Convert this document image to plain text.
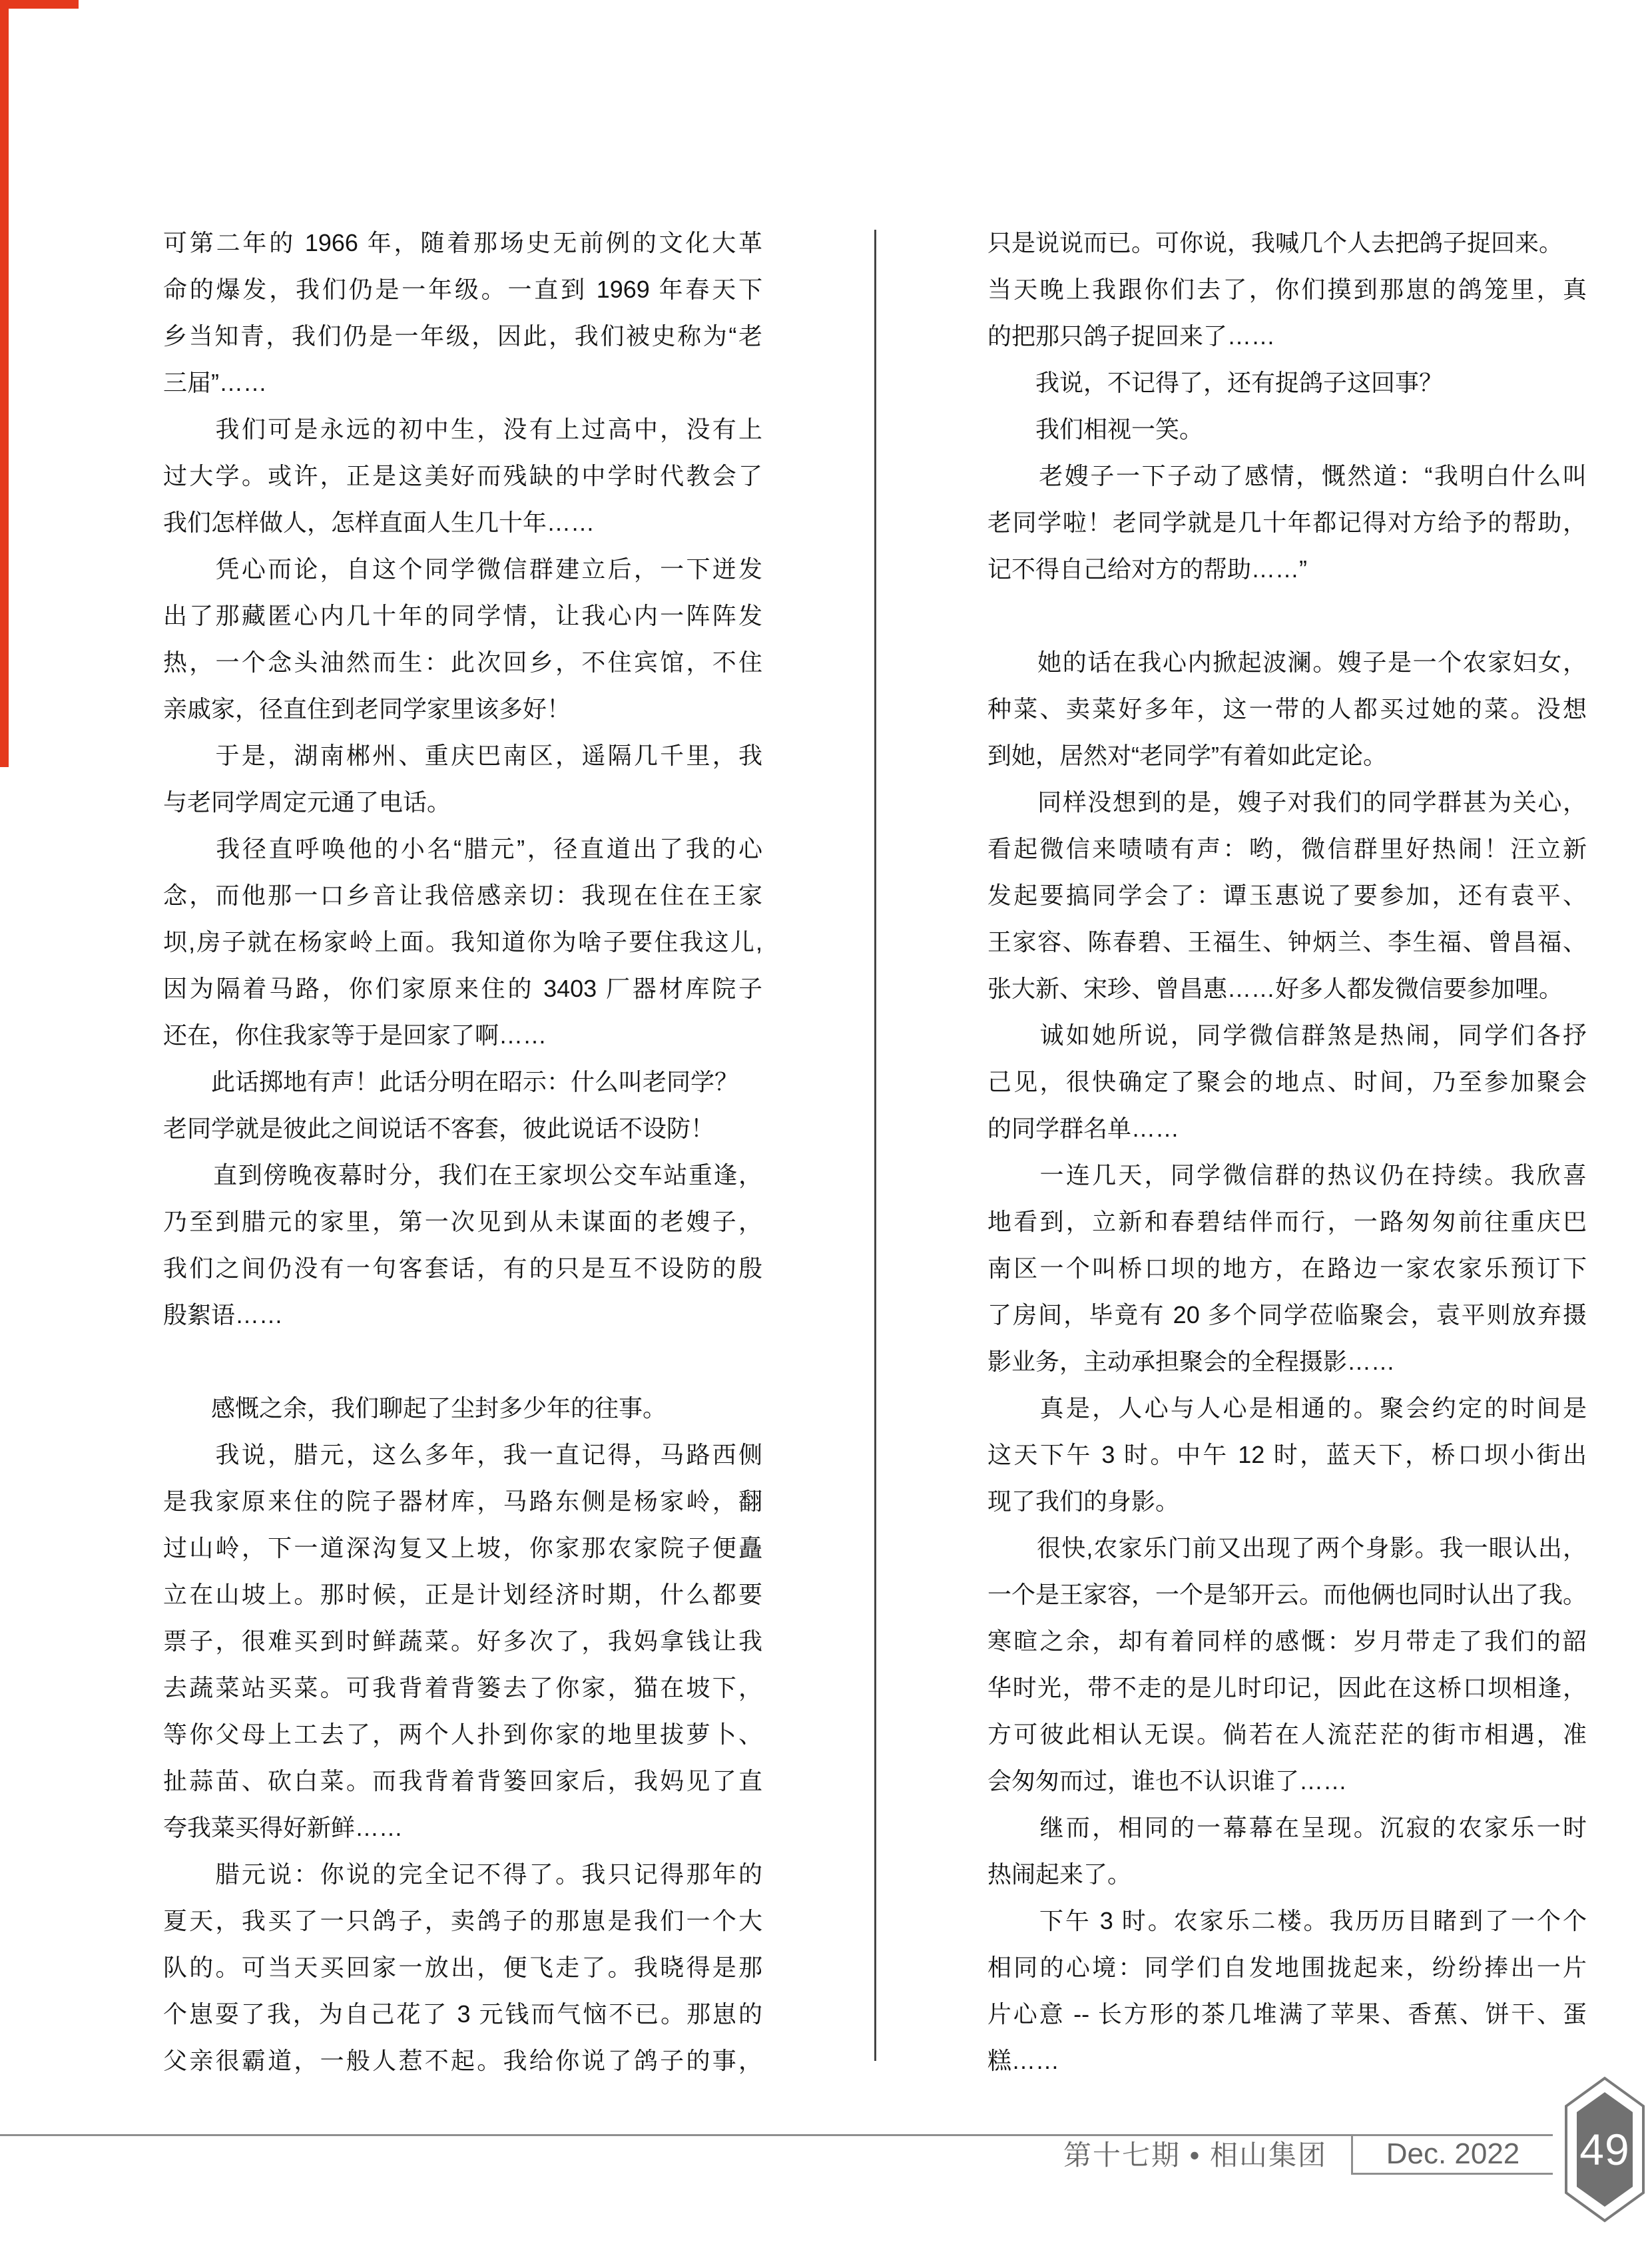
可第二年的 1966 年，随着那场史无前例的文化大革
命的爆发，我们仍是一年级。一直到 1969 年春天下
乡当知青，我们仍是一年级，因此，我们被史称为“老
三届”……
　　我们可是永远的初中生，没有上过高中，没有上
过大学。或许，正是这美好而残缺的中学时代教会了
我们怎样做人，怎样直面人生几十年……
　　凭心而论，自这个同学微信群建立后，一下迸发
出了那藏匿心内几十年的同学情，让我心内一阵阵发
热，一个念头油然而生：此次回乡，不住宾馆，不住
亲戚家，径直住到老同学家里该多好！
　　于是，湖南郴州、重庆巴南区，遥隔几千里，我
与老同学周定元通了电话。
　　我径直呼唤他的小名“腊元”，径直道出了我的心
念，而他那一口乡音让我倍感亲切：我现在住在王家
坝,房子就在杨家岭上面。我知道你为啥子要住我这儿,
因为隔着马路，你们家原来住的 3403 厂器材库院子
还在，你住我家等于是回家了啊……
　　此话掷地有声！此话分明在昭示：什么叫老同学？
老同学就是彼此之间说话不客套，彼此说话不设防！
　　直到傍晚夜幕时分，我们在王家坝公交车站重逢，
乃至到腊元的家里，第一次见到从未谋面的老嫂子，
我们之间仍没有一句客套话，有的只是互不设防的殷
殷絮语……
　　感慨之余，我们聊起了尘封多少年的往事。
　　我说，腊元，这么多年，我一直记得，马路西侧
是我家原来住的院子器材库，马路东侧是杨家岭，翻
过山岭，下一道深沟复又上坡，你家那农家院子便矗
立在山坡上。那时候，正是计划经济时期，什么都要
票子，很难买到时鲜蔬菜。好多次了，我妈拿钱让我
去蔬菜站买菜。可我背着背篓去了你家，猫在坡下，
等你父母上工去了，两个人扑到你家的地里拔萝卜、
扯蒜苗、砍白菜。而我背着背篓回家后，我妈见了直
夸我菜买得好新鲜……
　　腊元说：你说的完全记不得了。我只记得那年的
夏天，我买了一只鸽子，卖鸽子的那崽是我们一个大
队的。可当天买回家一放出，便飞走了。我晓得是那
个崽耍了我，为自己花了 3 元钱而气恼不已。那崽的
父亲很霸道，一般人惹不起。我给你说了鸽子的事，
只是说说而已。可你说，我喊几个人去把鸽子捉回来。
当天晚上我跟你们去了，你们摸到那崽的鸽笼里，真
的把那只鸽子捉回来了……
　　我说，不记得了，还有捉鸽子这回事？
　　我们相视一笑。
　　老嫂子一下子动了感情，慨然道：“我明白什么叫
老同学啦！老同学就是几十年都记得对方给予的帮助，
记不得自己给对方的帮助……”
　　她的话在我心内掀起波澜。嫂子是一个农家妇女，
种菜、卖菜好多年，这一带的人都买过她的菜。没想
到她，居然对“老同学”有着如此定论。
　　同样没想到的是，嫂子对我们的同学群甚为关心，
看起微信来啧啧有声：哟，微信群里好热闹！汪立新
发起要搞同学会了：谭玉惠说了要参加，还有袁平、
王家容、陈春碧、王福生、钟炳兰、李生福、曾昌福、
张大新、宋珍、曾昌惠……好多人都发微信要参加哩。
　　诚如她所说，同学微信群煞是热闹，同学们各抒
己见，很快确定了聚会的地点、时间，乃至参加聚会
的同学群名单……
　　一连几天，同学微信群的热议仍在持续。我欣喜
地看到，立新和春碧结伴而行，一路匆匆前往重庆巴
南区一个叫桥口坝的地方，在路边一家农家乐预订下
了房间，毕竟有 20 多个同学莅临聚会，袁平则放弃摄
影业务，主动承担聚会的全程摄影……
　　真是，人心与人心是相通的。聚会约定的时间是
这天下午 3 时。中午 12 时，蓝天下，桥口坝小街出
现了我们的身影。
　　很快,农家乐门前又出现了两个身影。我一眼认出，
一个是王家容，一个是邹开云。而他俩也同时认出了我。
寒暄之余，却有着同样的感慨：岁月带走了我们的韶
华时光，带不走的是儿时印记，因此在这桥口坝相逢，
方可彼此相认无误。倘若在人流茫茫的街市相遇，准
会匆匆而过，谁也不认识谁了……
　　继而，相同的一幕幕在呈现。沉寂的农家乐一时
热闹起来了。
　　下午 3 时。农家乐二楼。我历历目睹到了一个个
相同的心境：同学们自发地围拢起来，纷纷捧出一片
片心意 -- 长方形的茶几堆满了苹果、香蕉、饼干、蛋
糕……
第十七期 • 相山集团	Dec. 2022	49
